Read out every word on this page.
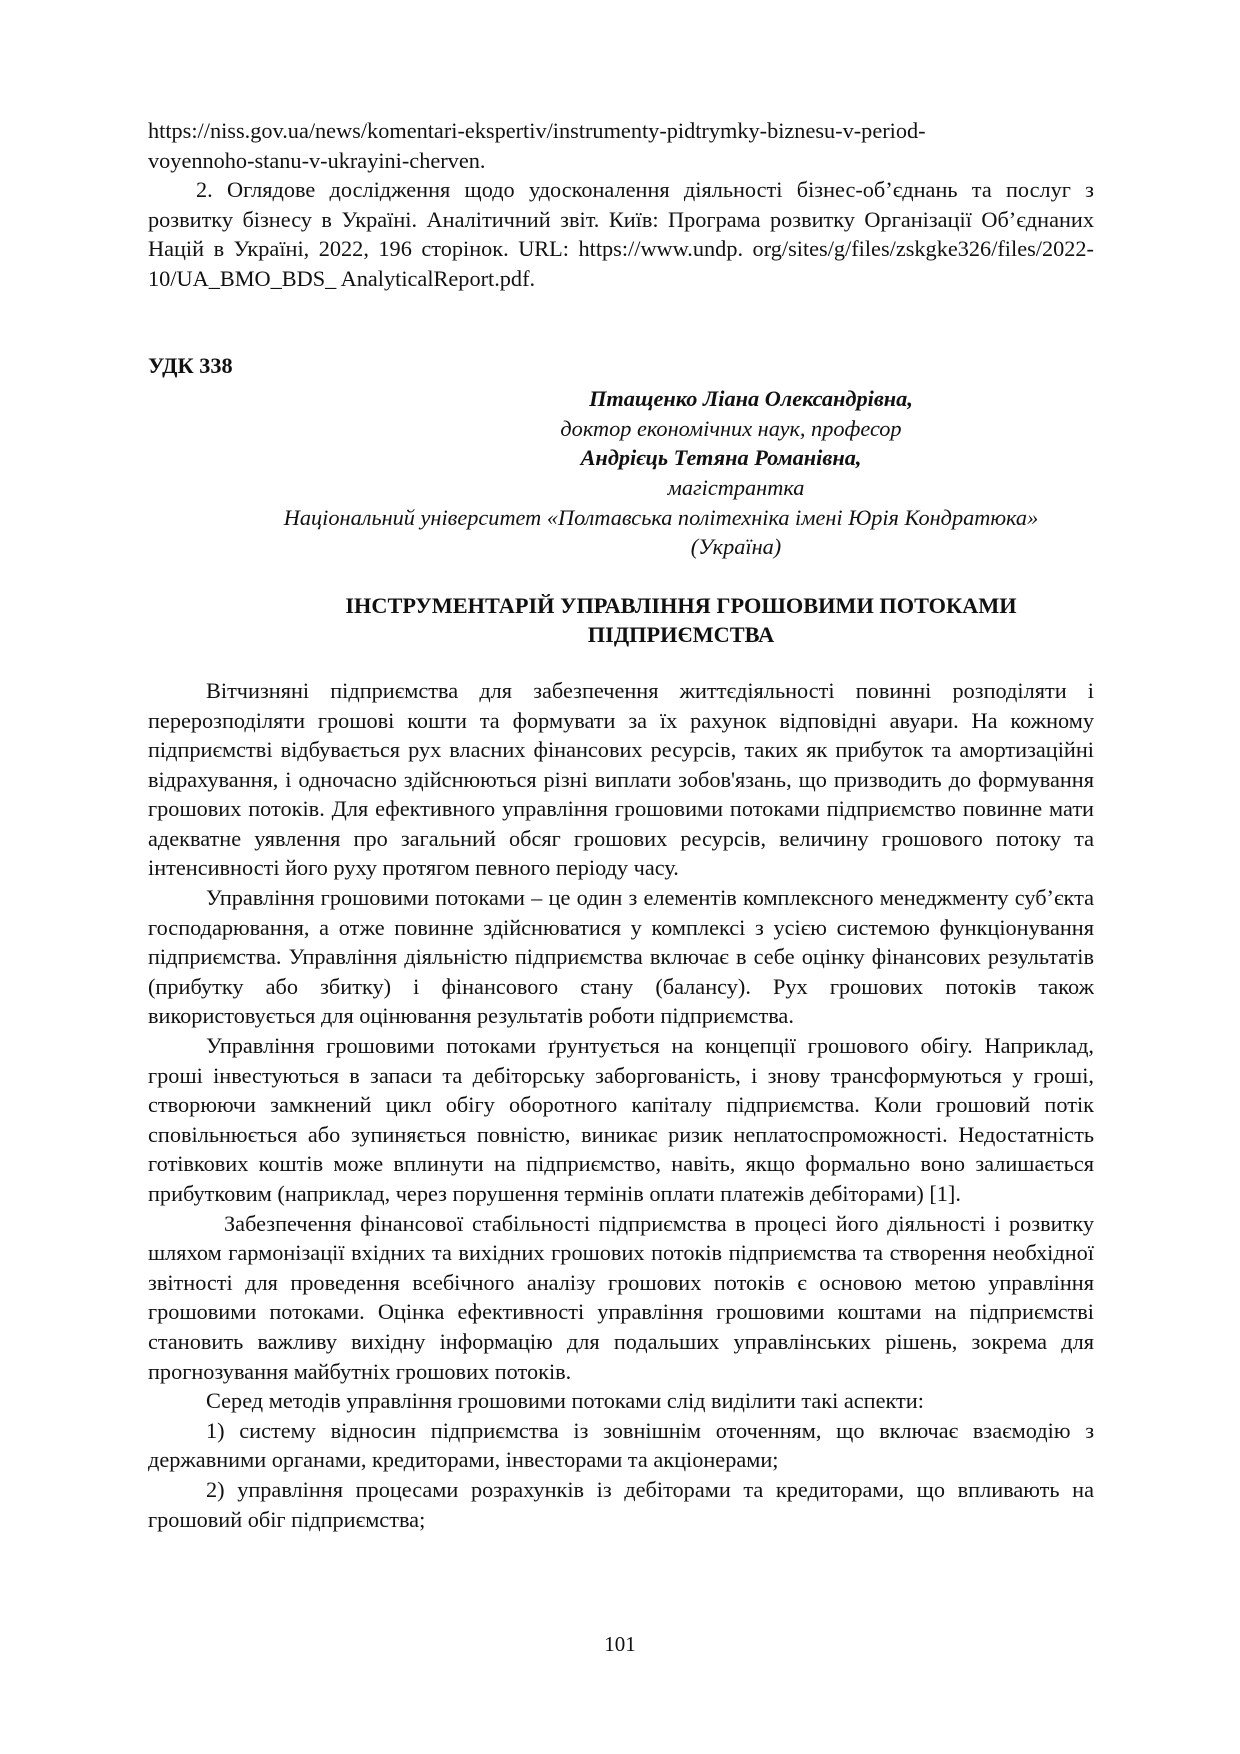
https://niss.gov.ua/news/komentari-ekspertiv/instrumenty-pidtrymky-biznesu-v-period-

voyennoho-stanu-v-ukrayini-cherven.

2. Оглядове дослідження щодо удосконалення діяльності бізнес-об’єднань та послуг з розвитку бізнесу в Україні. Аналітичний звіт. Київ: Програма розвитку Організації Об’єднаних Націй в Україні, 2022, 196 сторінок. URL: https://www.undp. org/sites/g/files/zskgke326/files/2022-10/UA_BMO_BDS_ AnalyticalReport.pdf.

УДК 338

Птащенко Ліана Олександрівна,

доктор економічних наук, професор

Андрієць Тетяна Романівна,

магістрантка

Національний університет «Полтавська політехніка імені Юрія Кондратюка»

(Україна)

ІНСТРУМЕНТАРІЙ УПРАВЛІННЯ ГРОШОВИМИ ПОТОКАМИ
ПІДПРИЄМСТВА

Вітчизняні підприємства для забезпечення життєдіяльності повинні розподіляти і перерозподіляти грошові кошти та формувати за їх рахунок відповідні авуари. На кожному підприємстві відбувається рух власних фінансових ресурсів, таких як прибуток та амортизаційні відрахування, і одночасно здійснюються різні виплати зобов'язань, що призводить до формування грошових потоків. Для ефективного управління грошовими потоками підприємство повинне мати адекватне уявлення про загальний обсяг грошових ресурсів, величину грошового потоку та інтенсивності його руху протягом певного періоду часу.

Управління грошовими потоками – це один з елементів комплексного менеджменту суб’єкта господарювання, а отже повинне здійснюватися у комплексі з усією системою функціонування підприємства. Управління діяльністю підприємства включає в себе оцінку фінансових результатів (прибутку або збитку) і фінансового стану (балансу). Рух грошових потоків також використовується для оцінювання результатів роботи підприємства.

Управління грошовими потоками ґрунтується на концепції грошового обігу. Наприклад, гроші інвестуються в запаси та дебіторську заборгованість, і знову трансформуються у гроші, створюючи замкнений цикл обігу оборотного капіталу підприємства. Коли грошовий потік сповільнюється або зупиняється повністю, виникає ризик неплатоспроможності. Недостатність готівкових коштів може вплинути на підприємство, навіть, якщо формально воно залишається прибутковим (наприклад, через порушення термінів оплати платежів дебіторами) [1].

Забезпечення фінансової стабільності підприємства в процесі його діяльності і розвитку шляхом гармонізації вхідних та вихідних грошових потоків підприємства та створення необхідної звітності для проведення всебічного аналізу грошових потоків є основою метою управління грошовими потоками. Оцінка ефективності управління грошовими коштами на підприємстві становить важливу вихідну інформацію для подальших управлінських рішень, зокрема для прогнозування майбутніх грошових потоків.

Серед методів управління грошовими потоками слід виділити такі аспекти:

1) систему відносин підприємства із зовнішнім оточенням, що включає взаємодію з державними органами, кредиторами, інвесторами та акціонерами;

2) управління процесами розрахунків із дебіторами та кредиторами, що впливають на грошовий обіг підприємства;

101
